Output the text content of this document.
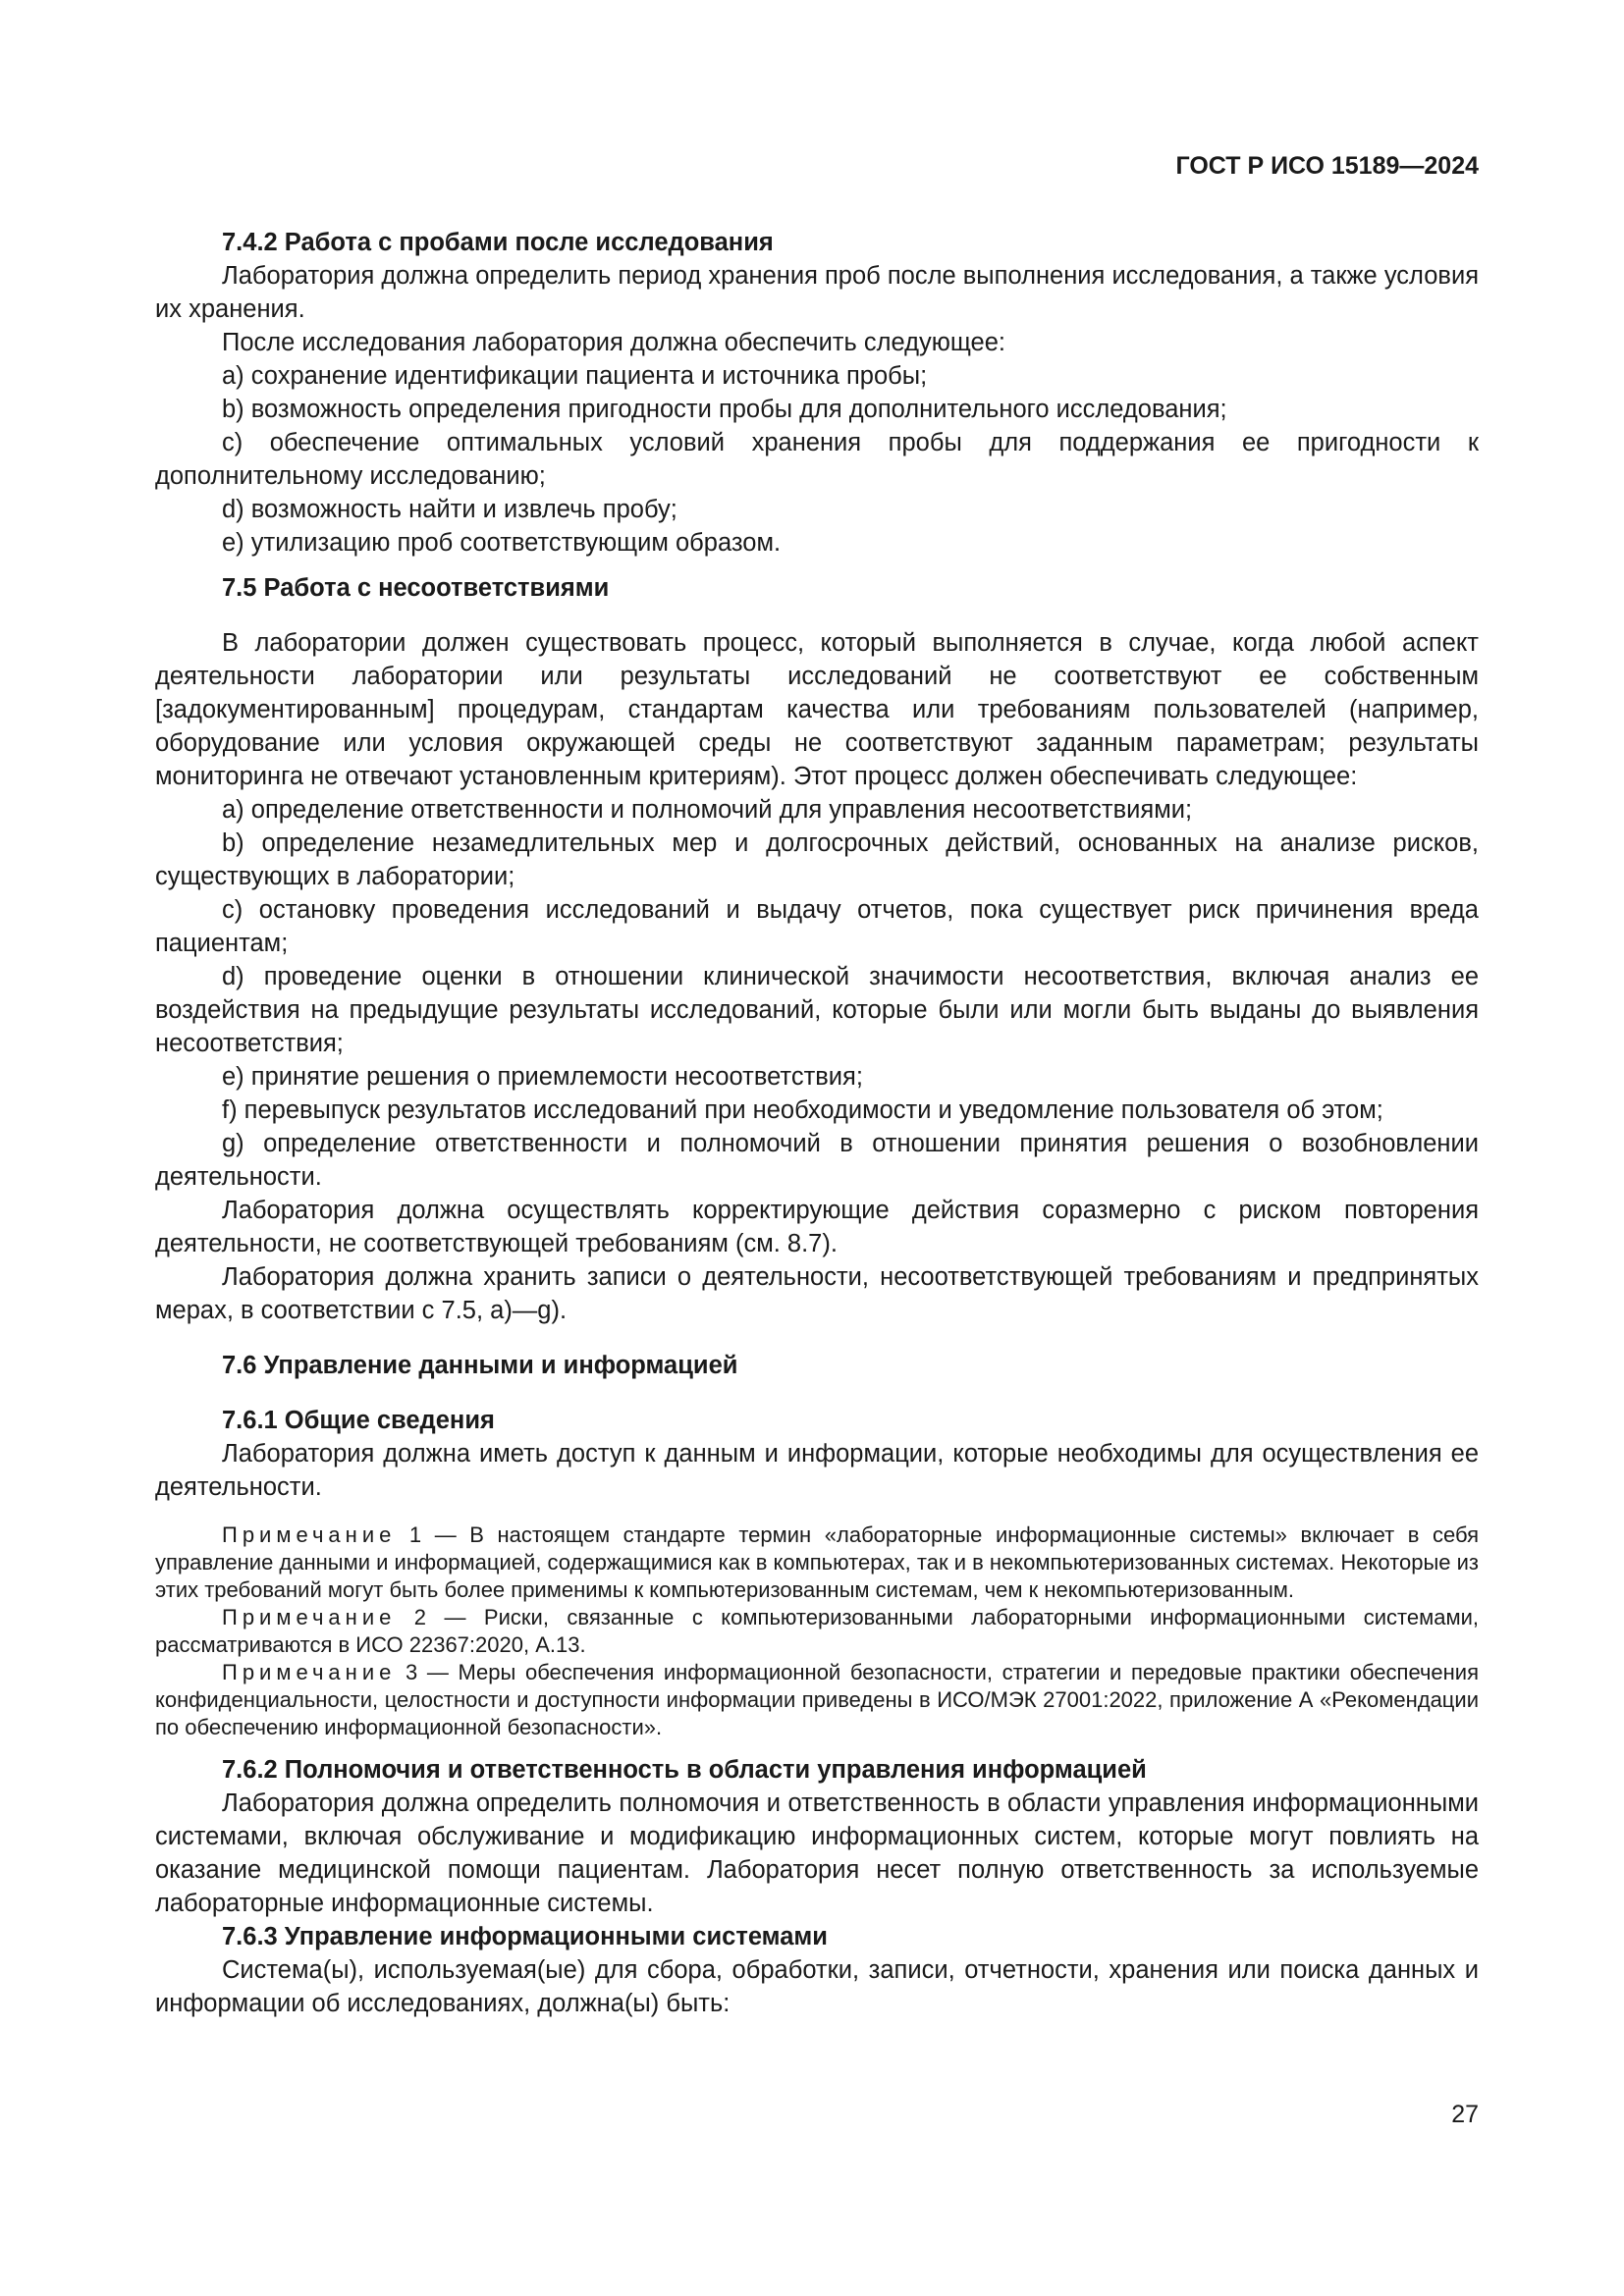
ГОСТ Р ИСО 15189—2024
7.4.2 Работа с пробами после исследования

Лаборатория должна определить период хранения проб после выполнения исследования, а также условия их хранения.

После исследования лаборатория должна обеспечить следующее:

a) сохранение идентификации пациента и источника пробы;

b) возможность определения пригодности пробы для дополнительного исследования;

c) обеспечение оптимальных условий хранения пробы для поддержания ее пригодности к дополнительному исследованию;

d) возможность найти и извлечь пробу;

e) утилизацию проб соответствующим образом.

7.5 Работа с несоответствиями

В лаборатории должен существовать процесс, который выполняется в случае, когда любой аспект деятельности лаборатории или результаты исследований не соответствуют ее собственным [задокументированным] процедурам, стандартам качества или требованиям пользователей (например, оборудование или условия окружающей среды не соответствуют заданным параметрам; результаты мониторинга не отвечают установленным критериям). Этот процесс должен обеспечивать следующее:

a) определение ответственности и полномочий для управления несоответствиями;

b) определение незамедлительных мер и долгосрочных действий, основанных на анализе рисков, существующих в лаборатории;

c) остановку проведения исследований и выдачу отчетов, пока существует риск причинения вреда пациентам;

d) проведение оценки в отношении клинической значимости несоответствия, включая анализ ее воздействия на предыдущие результаты исследований, которые были или могли быть выданы до выявления несоответствия;

e) принятие решения о приемлемости несоответствия;

f) перевыпуск результатов исследований при необходимости и уведомление пользователя об этом;

g) определение ответственности и полномочий в отношении принятия решения о возобновлении деятельности.

Лаборатория должна осуществлять корректирующие действия соразмерно с риском повторения деятельности, не соответствующей требованиям (см. 8.7).

Лаборатория должна хранить записи о деятельности, несоответствующей требованиям и предпринятых мерах, в соответствии с 7.5, а)—g).

7.6 Управление данными и информацией
7.6.1 Общие сведения

Лаборатория должна иметь доступ к данным и информации, которые необходимы для осуществления ее деятельности.

Примечание 1 — В настоящем стандарте термин «лабораторные информационные системы» включает в себя управление данными и информацией, содержащимися как в компьютерах, так и в некомпьютеризованных системах. Некоторые из этих требований могут быть более применимы к компьютеризованным системам, чем к некомпьютеризованным.

Примечание 2 — Риски, связанные с компьютеризованными лабораторными информационными системами, рассматриваются в ИСО 22367:2020, А.13.

Примечание 3 — Меры обеспечения информационной безопасности, стратегии и передовые практики обеспечения конфиденциальности, целостности и доступности информации приведены в ИСО/МЭК 27001:2022, приложение А «Рекомендации по обеспечению информационной безопасности».

7.6.2 Полномочия и ответственность в области управления информацией

Лаборатория должна определить полномочия и ответственность в области управления информационными системами, включая обслуживание и модификацию информационных систем, которые могут повлиять на оказание медицинской помощи пациентам. Лаборатория несет полную ответственность за используемые лабораторные информационные системы.

7.6.3 Управление информационными системами

Система(ы), используемая(ые) для сбора, обработки, записи, отчетности, хранения или поиска данных и информации об исследованиях, должна(ы) быть:

27
